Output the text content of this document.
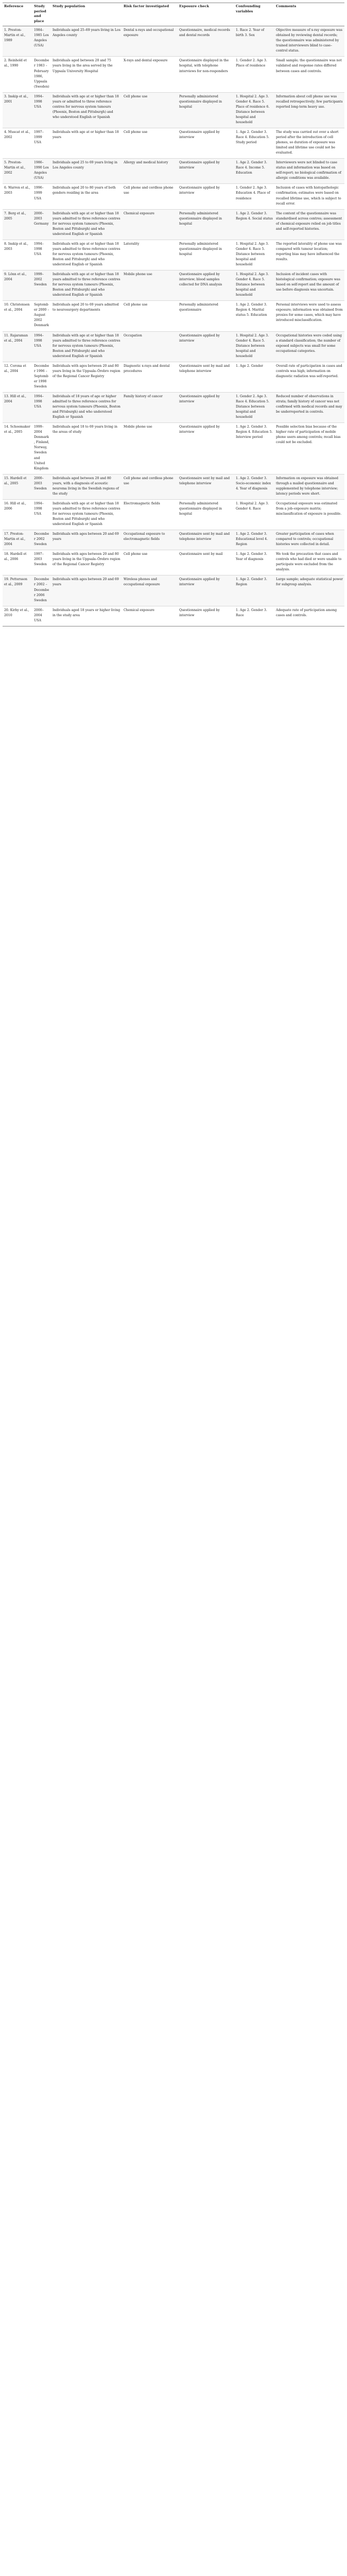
Reference	Study period and place	Study population	Risk factor investigated	Exposure check	Confounding variables	Comments
1. Preston-Martin et al., 1989	1984–1985 Los Angeles (USA)	Individuals aged 25–69 years living in Los Angeles county	Dental x-rays and occupational exposure	Questionnaire, medical records and dental records	1. Race 2. Year of birth 3. Sex	Objective measure of x-ray exposure was obtained by reviewing dental records; the questionnaire was administered by trained interviewers blind to case–control status.
2. Reinhold et al., 1990	December 1983 – February 1986, Uppsala (Sweden)	Individuals aged between 20 and 75 years living in the area served by the Uppsala University Hospital	X-rays and dental exposure	Questionnaire displayed in the hospital, with telephone interviews for non-responders	1. Gender 2. Age 3. Place of residence	Small sample; the questionnaire was not validated and response rates differed between cases and controls.
3. Inskip et al., 2001	1994–1998 USA	Individuals with age at or higher than 18 years or admitted to three reference centres for nervous system tumours (Phoenix, Boston and Pittsburgh) and who understood English or Spanish	Cell phone use	Personally administered questionnaire displayed in hospital	1. Hospital 2. Age 3. Gender 4. Race 5. Place of residence 6. Distance between hospital and household	Information about cell phone use was recalled retrospectively; few participants reported long-term heavy use.
4. Muscat et al., 2002	1997–1999 USA	Individuals with age at or higher than 18 years	Cell phone use	Questionnaire applied by interview	1. Age 2. Gender 3. Race 4. Education 5. Study period	The study was carried out over a short period after the introduction of cell phones, so duration of exposure was limited and lifetime use could not be evaluated.
5. Preston-Martin et al., 2002	1986–1990 Los Angeles (USA)	Individuals aged 25 to 69 years living in Los Angeles county	Allergy and medical history	Questionnaire applied by interview	1. Age 2. Gender 3. Race 4. Income 5. Education	Interviewers were not blinded to case status and information was based on self-report; no biological confirmation of allergic conditions was available.
6. Warren et al., 2003	1996–1999 USA	Individuals aged 20 to 80 years of both genders residing in the area	Cell phone and cordless phone use	Questionnaire applied by interview	1. Gender 2. Age 3. Education 4. Place of residence	Inclusion of cases with histopathologic confirmation; estimates were based on recalled lifetime use, which is subject to recall error.
7. Berg et al., 2005	2000–2003 Germany	Individuals with age at or higher than 18 years admitted to three reference centres for nervous system tumours (Phoenix, Boston and Pittsburgh) and who understood English or Spanish	Chemical exposure	Personally administered questionnaire displayed in hospital	1. Age 2. Gender 3. Region 4. Social status	The content of the questionnaire was standardised across centres; assessment of chemical exposure relied on job titles and self-reported histories.
8. Inskip et al., 2003	1994–1998 USA	Individuals with age at or higher than 18 years admitted to three reference centres for nervous system tumours (Phoenix, Boston and Pittsburgh) and who understood English or Spanish	Laterality	Personally administered questionnaire displayed in hospital	1. Hospital 2. Age 3. Gender 4. Race 5. Distance between hospital and household	The reported laterality of phone use was compared with tumour location; reporting bias may have influenced the results.
9. Lönn et al., 2004	1999–2002 Sweden	Individuals with age at or higher than 18 years admitted to three reference centres for nervous system tumours (Phoenix, Boston and Pittsburgh) and who understood English or Spanish	Mobile phone use	Questionnaire applied by interview; blood samples collected for DNA analysis	1. Hospital 2. Age 3. Gender 4. Race 5. Distance between hospital and household	Inclusion of incident cases with histological confirmation; exposure was based on self-report and the amount of use before diagnosis was uncertain.
10. Christensen et al., 2004	September 2000 – August 2002 Denmark	Individuals aged 20 to 69 years admitted to neurosurgery departments	Cell phone use	Personally administered questionnaire	1. Age 2. Gender 3. Region 4. Marital status 5. Education	Personal interviews were used to assess exposure; information was obtained from proxies for some cases, which may have introduced misclassification.
11. Rajaraman et al., 2004	1994–1998 USA	Individuals with age at or higher than 18 years admitted to three reference centres for nervous system tumours (Phoenix, Boston and Pittsburgh) and who understood English or Spanish	Occupation	Questionnaire applied by interview	1. Hospital 2. Age 3. Gender 4. Race 5. Distance between hospital and household	Occupational histories were coded using a standard classification; the number of exposed subjects was small for some occupational categories.
12. Corona et al., 2004	December 1996 – September 1998 Sweden	Individuals with ages between 20 and 80 years living in the Uppsala–Örebro region of the Regional Cancer Registry	Diagnostic x-rays and dental procedures	Questionnaire sent by mail and telephone interview	1. Age 2. Gender	Overall rate of participation in cases and controls was high; information on diagnostic radiation was self-reported.
13. Hill et al., 2004	1994–1998 USA	Individuals of 18 years of age or higher admitted to three reference centres for nervous system tumours (Phoenix, Boston and Pittsburgh) and who understood English or Spanish	Family history of cancer	Questionnaire applied by interview	1. Gender 2. Age 3. Race 4. Education 5. Distance between hospital and household	Reduced number of observations in strata; family history of cancer was not confirmed with medical records and may be underreported in controls.
14. Schoemaker et al., 2005	1999–2004 Denmark, Finland, Norway, Sweden and United Kingdom	Individuals aged 18 to 69 years living in the areas of study	Mobile phone use	Questionnaire applied by interview	1. Age 2. Gender 3. Region 4. Education 5. Interview period	Possible selection bias because of the higher rate of participation of mobile phone users among controls; recall bias could not be excluded.
15. Hardell et al., 2005	2000–2003 Sweden	Individuals aged between 20 and 80 years, with a diagnosis of acoustic neuroma living in the Swedish regions of the study	Cell phone and cordless phone use	Questionnaire sent by mail and telephone interview	1. Age 2. Gender 3. Socio-economic index 4. Year of diagnosis	Information on exposure was obtained through a mailed questionnaire and supplemented by telephone interview; latency periods were short.
16. Hill et al., 2006	1994–1998 USA	Individuals with age at or higher than 18 years admitted to three reference centres for nervous system tumours (Phoenix, Boston and Pittsburgh) and who understood English or Spanish	Electromagnetic fields	Personally administered questionnaire displayed in hospital	1. Hospital 2. Age 3. Gender 4. Race	Occupational exposure was estimated from a job–exposure matrix; misclassification of exposure is possible.
17. Preston-Martin et al., 2004	December 2002 Sweden	Individuals with ages between 20 and 69 years	Occupational exposure to electromagnetic fields	Questionnaire sent by mail and telephone interview	1. Age 2. Gender 3. Educational level 4. Region	Greater participation of cases when compared to controls; occupational histories were collected in detail.
18. Hardell et al., 2006	1997–2003 Sweden	Individuals with ages between 20 and 80 years living in the Uppsala–Örebro region of the Regional Cancer Registry	Cell phone use	Questionnaire sent by mail	1. Age 2. Gender 3. Year of diagnosis	We took the precaution that cases and controls who had died or were unable to participate were excluded from the analysis.
19. Pettersson et al., 2009	December 2002 – December 2006 Sweden	Individuals with ages between 20 and 69 years	Wireless phones and occupational exposure	Questionnaire applied by interview	1. Age 2. Gender 3. Region	Large sample; adequate statistical power for subgroup analysis.
20. Kirby et al., 2010	2000–2004 USA	Individuals aged 18 years or higher living in the study area	Chemical exposure	Questionnaire applied by interview	1. Age 2. Gender 3. Race	Adequate rate of participation among cases and controls.
